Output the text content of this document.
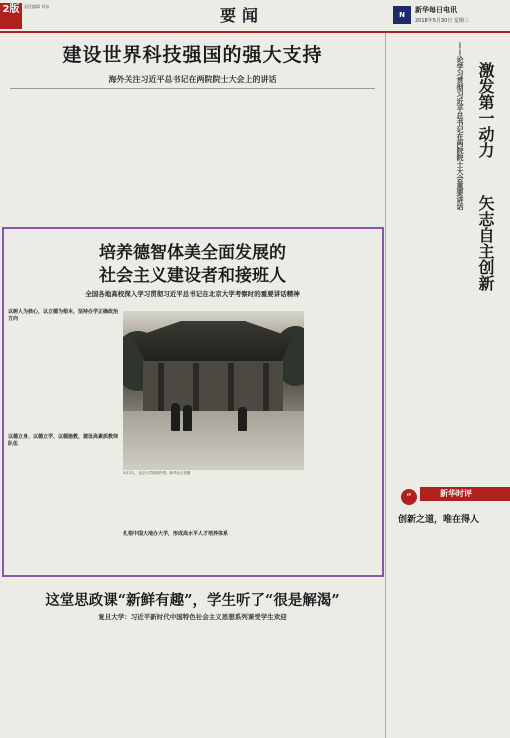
2版	责任编辑 刘东	要闻	N
新华每日电讯
2018年5月30日 星期三
建设世界科技强国的强大支持
海外关注习近平总书记在两院院士大会上的讲话
培养德智体美全面发展的
社会主义建设者和接班人
全国各地高校深入学习贯彻习近平总书记在北京大学考察时的重要讲话精神
以树人为核心，以立德为根本，坚持办学正确政治方向
以德立身、以德立学、以德施教，建设高素质教师队伍
5月2日，北京大学校园内景。新华社记者摄
扎根中国大地办大学，形成高水平人才培养体系
这堂思政课“新鲜有趣”，学生听了“很是解渴”
复旦大学：习近平新时代中国特色社会主义思想系列课受学生欢迎
——论学习贯彻习近平总书记在两院院士大会重要讲话 激发第一动力
矢志自主创新
“	新华时评
创新之道，唯在得人
